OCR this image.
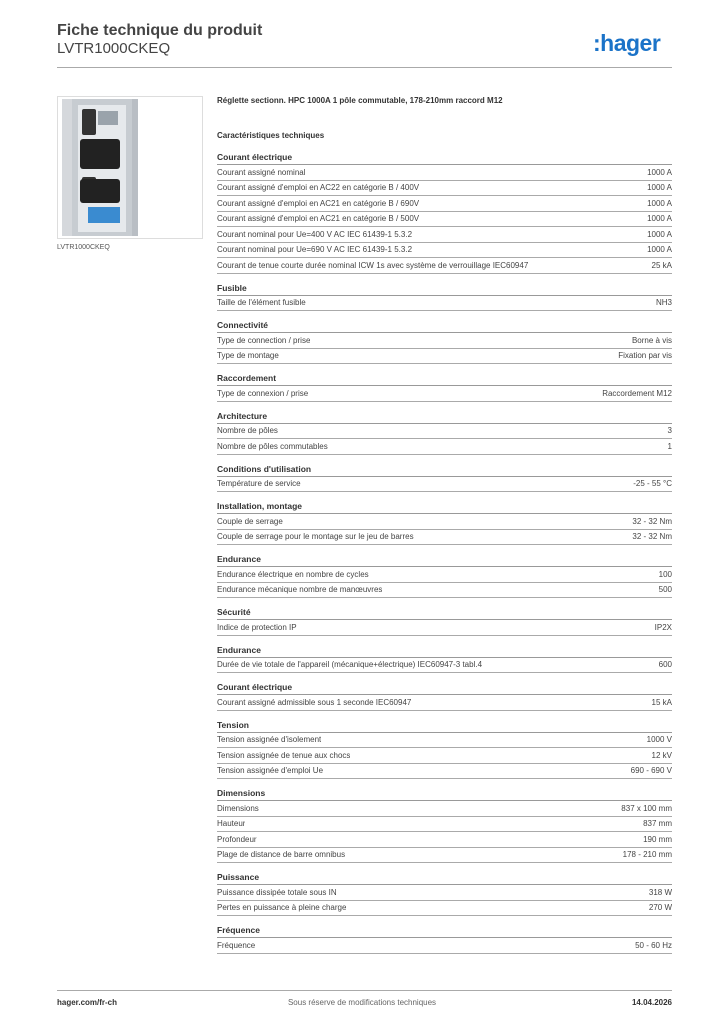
Fiche technique du produit
LVTR1000CKEQ	:hager
LVTR1000CKEQ
Réglette sectionn. HPC 1000A 1 pôle commutable, 178-210mm raccord M12
Caractéristiques techniques
Courant électrique
Courant assigné nominal	1000 A
Courant assigné d'emploi en AC22 en catégorie B / 400V	1000 A
Courant assigné d'emploi en AC21 en catégorie B / 690V	1000 A
Courant assigné d'emploi en AC21 en catégorie B / 500V	1000 A
Courant nominal pour Ue=400 V AC IEC 61439-1 5.3.2	1000 A
Courant nominal pour Ue=690 V AC IEC 61439-1 5.3.2	1000 A
Courant de tenue courte durée nominal ICW 1s avec système de verrouillage IEC60947	25 kA
Fusible
Taille de l'élément fusible	NH3
Connectivité
Type de connection / prise	Borne à vis
Type de montage	Fixation par vis
Raccordement
Type de connexion / prise	Raccordement M12
Architecture
Nombre de pôles	3
Nombre de pôles commutables	1
Conditions d'utilisation
Température de service	-25 - 55 °C
Installation, montage
Couple de serrage	32 - 32 Nm
Couple de serrage pour le montage sur le jeu de barres	32 - 32 Nm
Endurance
Endurance électrique en nombre de cycles	100
Endurance mécanique nombre de manœuvres	500
Sécurité
Indice de protection IP	IP2X
Endurance
Durée de vie totale de l'appareil (mécanique+électrique) IEC60947-3 tabl.4	600
Courant électrique
Courant assigné admissible sous 1 seconde IEC60947	15 kA
Tension
Tension assignée d'isolement	1000 V
Tension assignée de tenue aux chocs	12 kV
Tension assignée d'emploi Ue	690 - 690 V
Dimensions
Dimensions	837 x 100 mm
Hauteur	837 mm
Profondeur	190 mm
Plage de distance de barre omnibus	178 - 210 mm
Puissance
Puissance dissipée totale sous IN	318 W
Pertes en puissance à pleine charge	270 W
Fréquence
Fréquence	50 - 60 Hz
hager.com/fr-ch	Sous réserve de modifications techniques	14.04.2026
